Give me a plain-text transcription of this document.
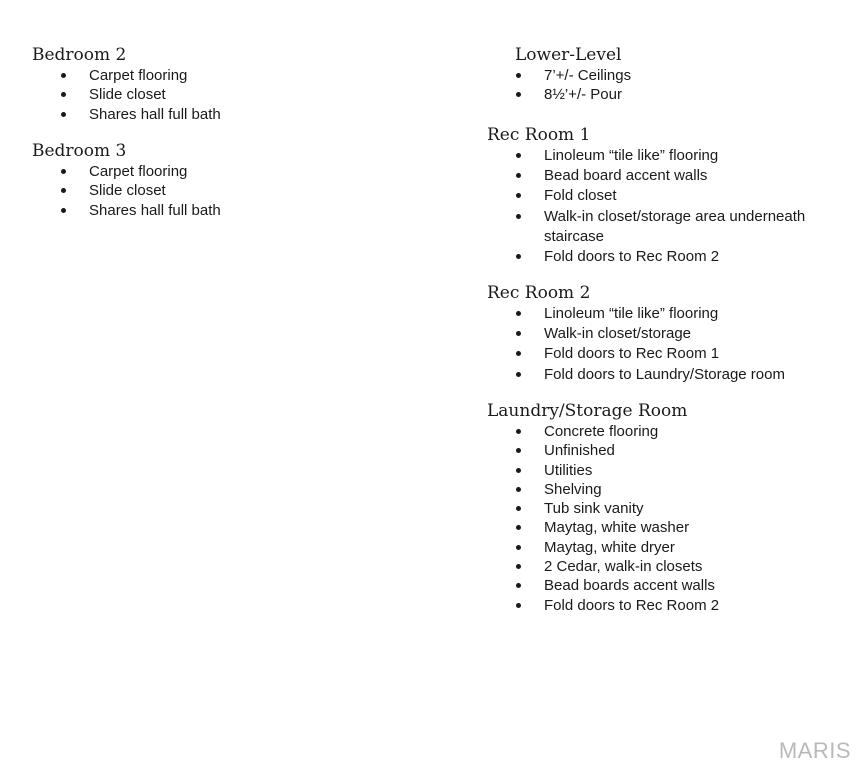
Bedroom 2
Carpet flooring
Slide closet
Shares hall full bath
Bedroom 3
Carpet flooring
Slide closet
Shares hall full bath
Lower-Level
7’+/- Ceilings
8½’+/- Pour
Rec Room 1
Linoleum “tile like” flooring
Bead board accent walls
Fold closet
Walk-in closet/storage area underneath staircase
Fold doors to Rec Room 2
Rec Room 2
Linoleum “tile like” flooring
Walk-in closet/storage
Fold doors to Rec Room 1
Fold doors to Laundry/Storage room
Laundry/Storage Room
Concrete flooring
Unfinished
Utilities
Shelving
Tub sink vanity
Maytag, white washer
Maytag, white dryer
2 Cedar, walk-in closets
Bead boards accent walls
Fold doors to Rec Room 2
MARIS
